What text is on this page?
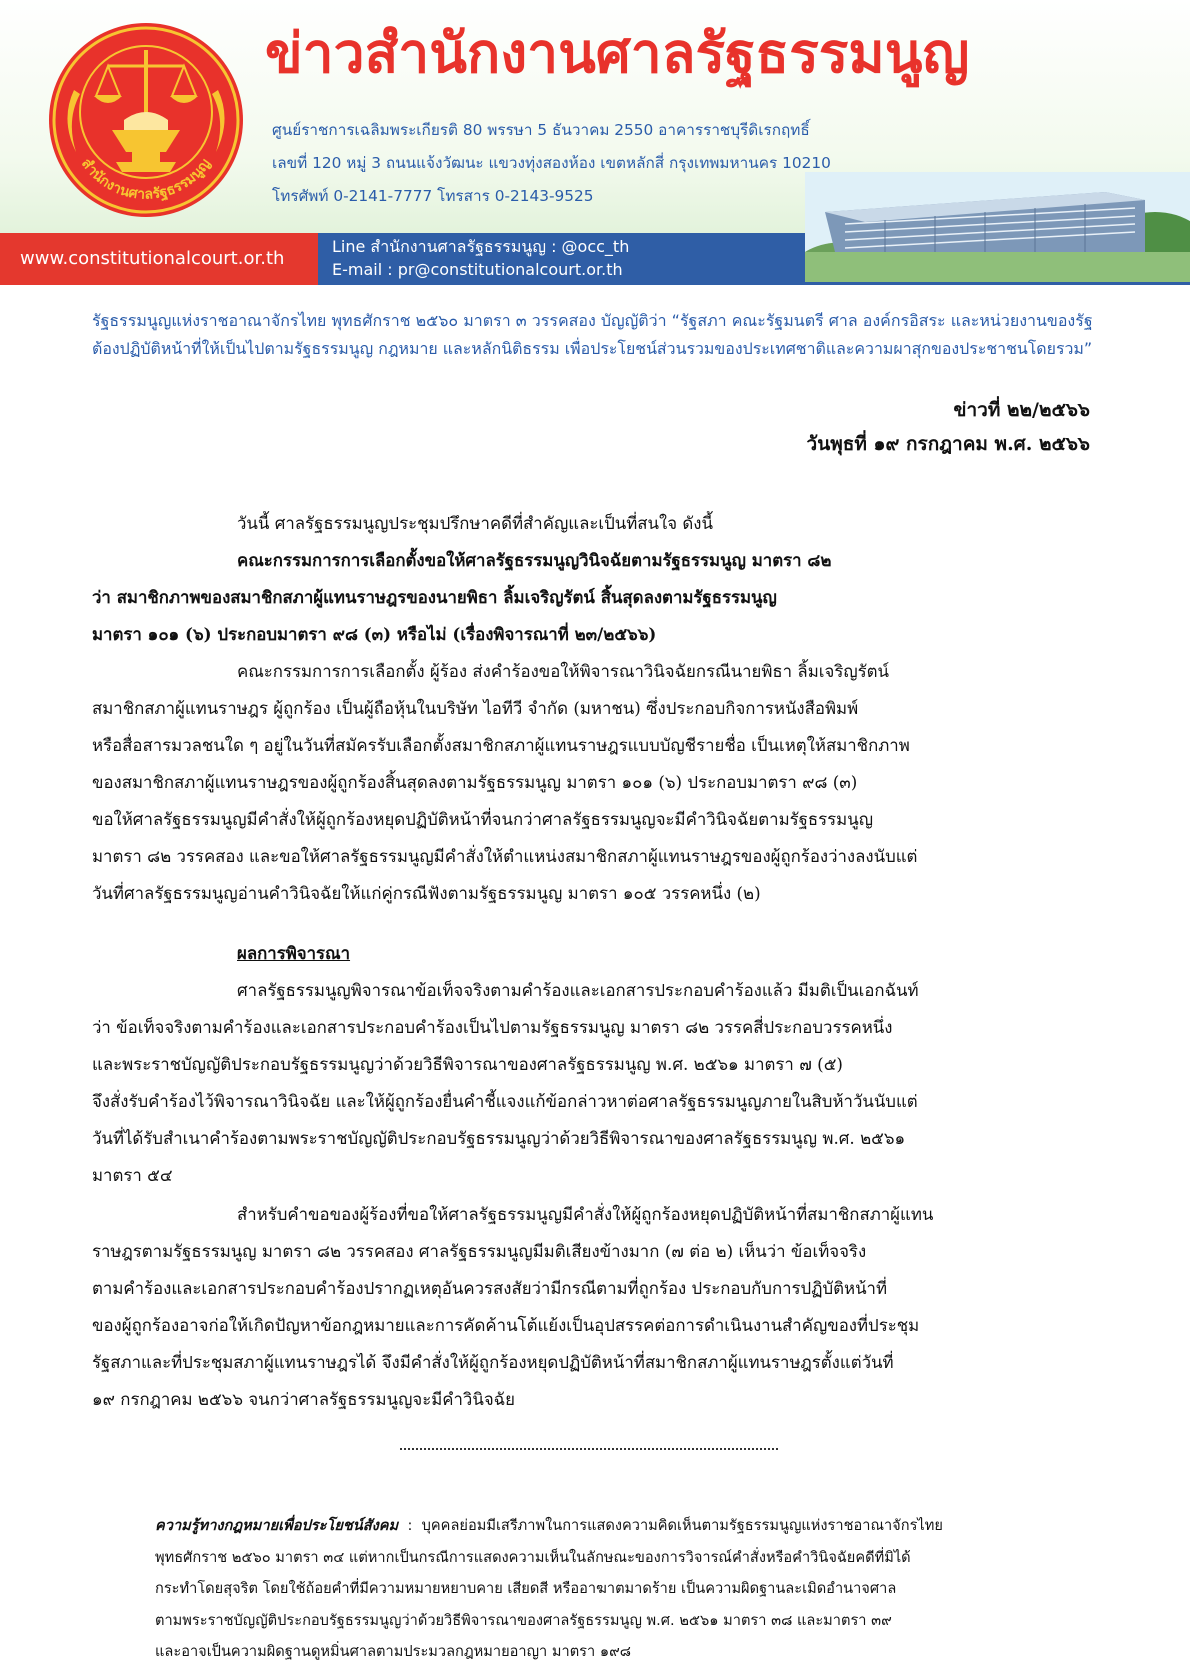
สำนักงานศาลรัฐธรรมนูญ
ข่าวสำนักงานศาลรัฐธรรมนูญ
ศูนย์ราชการเฉลิมพระเกียรติ 80 พรรษา 5 ธันวาคม 2550 อาคารราชบุรีดิเรกฤทธิ์
เลขที่ 120 หมู่ 3 ถนนแจ้งวัฒนะ แขวงทุ่งสองห้อง เขตหลักสี่ กรุงเทพมหานคร 10210
โทรศัพท์ 0-2141-7777 โทรสาร 0-2143-9525
www.constitutionalcourt.or.th
Line สำนักงานศาลรัฐธรรมนูญ : @occ_th
E-mail : pr@constitutionalcourt.or.th
รัฐธรรมนูญแห่งราชอาณาจักรไทย พุทธศักราช ๒๕๖๐ มาตรา ๓ วรรคสอง บัญญัติว่า “รัฐสภา คณะรัฐมนตรี ศาล องค์กรอิสระ และหน่วยงานของรัฐ
ต้องปฏิบัติหน้าที่ให้เป็นไปตามรัฐธรรมนูญ กฎหมาย และหลักนิติธรรม เพื่อประโยชน์ส่วนรวมของประเทศชาติและความผาสุกของประชาชนโดยรวม”
ข่าวที่ ๒๒/๒๕๖๖
วันพุธที่ ๑๙ กรกฎาคม พ.ศ. ๒๕๖๖
วันนี้ ศาลรัฐธรรมนูญประชุมปรึกษาคดีที่สำคัญและเป็นที่สนใจ ดังนี้
คณะกรรมการการเลือกตั้งขอให้ศาลรัฐธรรมนูญวินิจฉัยตามรัฐธรรมนูญ มาตรา ๘๒
ว่า สมาชิกภาพของสมาชิกสภาผู้แทนราษฎรของนายพิธา ลิ้มเจริญรัตน์ สิ้นสุดลงตามรัฐธรรมนูญ
มาตรา ๑๐๑ (๖) ประกอบมาตรา ๙๘ (๓) หรือไม่ (เรื่องพิจารณาที่ ๒๓/๒๕๖๖)
คณะกรรมการการเลือกตั้ง ผู้ร้อง ส่งคำร้องขอให้พิจารณาวินิจฉัยกรณีนายพิธา ลิ้มเจริญรัตน์
สมาชิกสภาผู้แทนราษฎร ผู้ถูกร้อง เป็นผู้ถือหุ้นในบริษัท ไอทีวี จำกัด (มหาชน) ซึ่งประกอบกิจการหนังสือพิมพ์
หรือสื่อสารมวลชนใด ๆ อยู่ในวันที่สมัครรับเลือกตั้งสมาชิกสภาผู้แทนราษฎรแบบบัญชีรายชื่อ เป็นเหตุให้สมาชิกภาพ
ของสมาชิกสภาผู้แทนราษฎรของผู้ถูกร้องสิ้นสุดลงตามรัฐธรรมนูญ มาตรา ๑๐๑ (๖) ประกอบมาตรา ๙๘ (๓)
ขอให้ศาลรัฐธรรมนูญมีคำสั่งให้ผู้ถูกร้องหยุดปฏิบัติหน้าที่จนกว่าศาลรัฐธรรมนูญจะมีคำวินิจฉัยตามรัฐธรรมนูญ
มาตรา ๘๒ วรรคสอง และขอให้ศาลรัฐธรรมนูญมีคำสั่งให้ตำแหน่งสมาชิกสภาผู้แทนราษฎรของผู้ถูกร้องว่างลงนับแต่
วันที่ศาลรัฐธรรมนูญอ่านคำวินิจฉัยให้แก่คู่กรณีฟังตามรัฐธรรมนูญ มาตรา ๑๐๕ วรรคหนึ่ง (๒)
ผลการพิจารณา
ศาลรัฐธรรมนูญพิจารณาข้อเท็จจริงตามคำร้องและเอกสารประกอบคำร้องแล้ว มีมติเป็นเอกฉันท์
ว่า ข้อเท็จจริงตามคำร้องและเอกสารประกอบคำร้องเป็นไปตามรัฐธรรมนูญ มาตรา ๘๒ วรรคสี่ประกอบวรรคหนึ่ง
และพระราชบัญญัติประกอบรัฐธรรมนูญว่าด้วยวิธีพิจารณาของศาลรัฐธรรมนูญ พ.ศ. ๒๕๖๑ มาตรา ๗ (๕)
จึงสั่งรับคำร้องไว้พิจารณาวินิจฉัย และให้ผู้ถูกร้องยื่นคำชี้แจงแก้ข้อกล่าวหาต่อศาลรัฐธรรมนูญภายในสิบห้าวันนับแต่
วันที่ได้รับสำเนาคำร้องตามพระราชบัญญัติประกอบรัฐธรรมนูญว่าด้วยวิธีพิจารณาของศาลรัฐธรรมนูญ พ.ศ. ๒๕๖๑
มาตรา ๕๔
สำหรับคำขอของผู้ร้องที่ขอให้ศาลรัฐธรรมนูญมีคำสั่งให้ผู้ถูกร้องหยุดปฏิบัติหน้าที่สมาชิกสภาผู้แทน
ราษฎรตามรัฐธรรมนูญ มาตรา ๘๒ วรรคสอง ศาลรัฐธรรมนูญมีมติเสียงข้างมาก (๗ ต่อ ๒) เห็นว่า ข้อเท็จจริง
ตามคำร้องและเอกสารประกอบคำร้องปรากฏเหตุอันควรสงสัยว่ามีกรณีตามที่ถูกร้อง ประกอบกับการปฏิบัติหน้าที่
ของผู้ถูกร้องอาจก่อให้เกิดปัญหาข้อกฎหมายและการคัดค้านโต้แย้งเป็นอุปสรรคต่อการดำเนินงานสำคัญของที่ประชุม
รัฐสภาและที่ประชุมสภาผู้แทนราษฎรได้ จึงมีคำสั่งให้ผู้ถูกร้องหยุดปฏิบัติหน้าที่สมาชิกสภาผู้แทนราษฎรตั้งแต่วันที่
๑๙ กรกฎาคม ๒๕๖๖ จนกว่าศาลรัฐธรรมนูญจะมีคำวินิจฉัย
ความรู้ทางกฎหมายเพื่อประโยชน์สังคม  :  บุคคลย่อมมีเสรีภาพในการแสดงความคิดเห็นตามรัฐธรรมนูญแห่งราชอาณาจักรไทย
พุทธศักราช ๒๕๖๐ มาตรา ๓๔ แต่หากเป็นกรณีการแสดงความเห็นในลักษณะของการวิจารณ์คำสั่งหรือคำวินิจฉัยคดีที่มิได้
กระทำโดยสุจริต โดยใช้ถ้อยคำที่มีความหมายหยาบคาย เสียดสี หรืออาฆาตมาดร้าย เป็นความผิดฐานละเมิดอำนาจศาล
ตามพระราชบัญญัติประกอบรัฐธรรมนูญว่าด้วยวิธีพิจารณาของศาลรัฐธรรมนูญ พ.ศ. ๒๕๖๑ มาตรา ๓๘ และมาตรา ๓๙
และอาจเป็นความผิดฐานดูหมิ่นศาลตามประมวลกฎหมายอาญา มาตรา ๑๙๘
